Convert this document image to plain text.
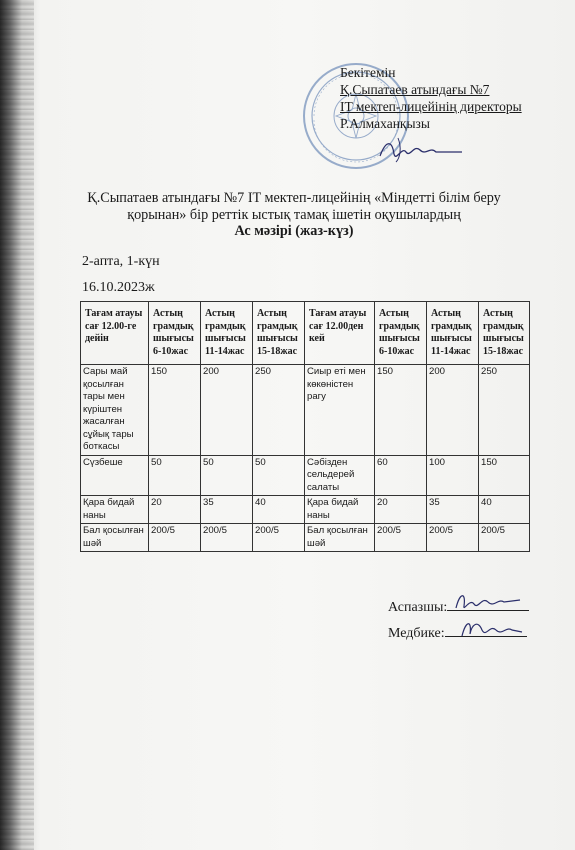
Бекітемін
Қ.Сыпатаев атындағы №7
IT мектеп-лицейінің директоры
Р.Алмаханқызы
Қ.Сыпатаев атындағы №7 IT мектеп-лицейінің «Міндетті білім беру
қорынан» бір реттік ыстық тамақ ішетін оқушылардың
Ас мәзірі (жаз-күз)
2-апта, 1-күн
16.10.2023ж
Тағам атауы сағ 12.00-ге дейін	Астың грамдық шығысы 6-10жас	Астың грамдық шығысы 11-14жас	Астың грамдық шығысы 15-18жас	Тағам атауы сағ 12.00ден кей	Астың грамдық шығысы 6-10жас	Астың грамдық шығысы 11-14жас	Астың грамдық шығысы 15-18жас
Сары май қосылған тары мен күріштен жасалған сұйық тары боткасы	150	200	250	Сиыр еті мен көкөністен рагу	150	200	250
Сүзбеше	50	50	50	Сәбізден сельдерей салаты	60	100	150
Қара бидай наны	20	35	40	Қара бидай наны	20	35	40
Бал қосылған шәй	200/5	200/5	200/5	Бал қосылған шәй	200/5	200/5	200/5
Аспазшы:
Медбике:
